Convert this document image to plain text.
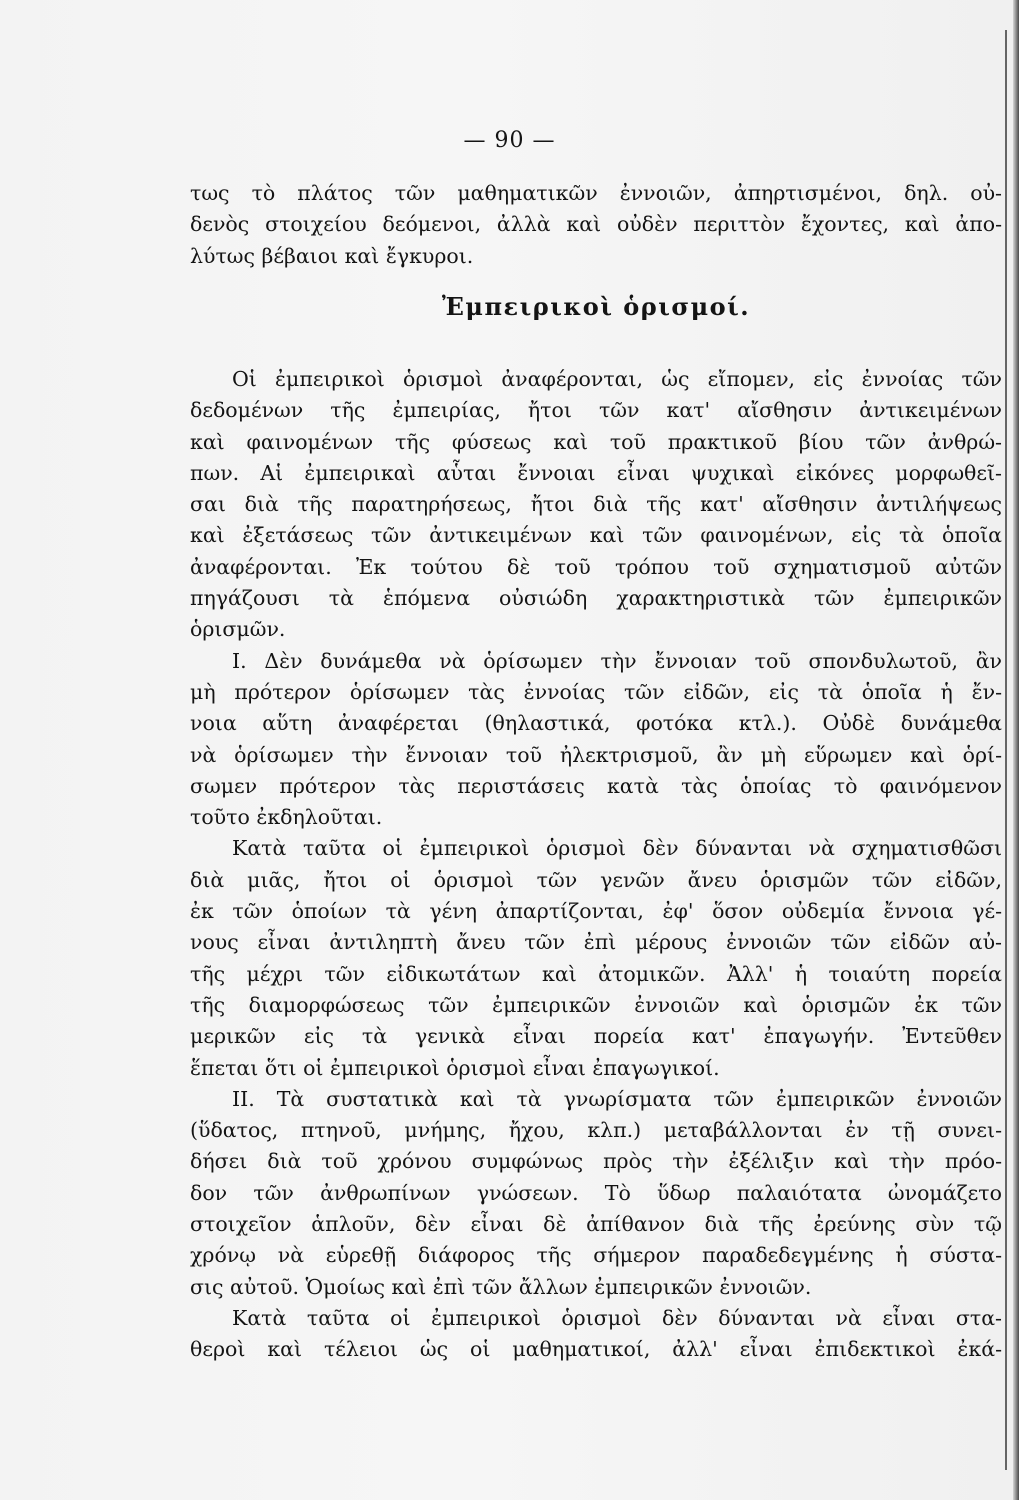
— 90 —
τως τὸ πλάτος τῶν μαθηματικῶν ἐννοιῶν, ἀπηρτισμένοι, δηλ. οὐ-
δενὸς στοιχείου δεόμενοι, ἀλλὰ καὶ οὐδὲν περιττὸν ἔχοντες, καὶ ἀπο-
λύτως βέβαιοι καὶ ἔγκυροι.
Ἐμπειρικοὶ ὁρισμοί.
Οἱ ἐμπειρικοὶ ὁρισμοὶ ἀναφέρονται, ὡς εἴπομεν, εἰς ἐννοίας τῶν
δεδομένων τῆς ἐμπειρίας, ἤτοι τῶν κατ' αἴσθησιν ἀντικειμένων
καὶ φαινομένων τῆς φύσεως καὶ τοῦ πρακτικοῦ βίου τῶν ἀνθρώ-
πων. Αἱ ἐμπειρικαὶ αὗται ἔννοιαι εἶναι ψυχικαὶ εἰκόνες μορφωθεῖ-
σαι διὰ τῆς παρατηρήσεως, ἤτοι διὰ τῆς κατ' αἴσθησιν ἀντιλήψεως
καὶ ἐξετάσεως τῶν ἀντικειμένων καὶ τῶν φαινομένων, εἰς τὰ ὁποῖα
ἀναφέρονται. Ἐκ τούτου δὲ τοῦ τρόπου τοῦ σχηματισμοῦ αὐτῶν
πηγάζουσι τὰ ἑπόμενα οὐσιώδη χαρακτηριστικὰ τῶν ἐμπειρικῶν
ὁρισμῶν.
I. Δὲν δυνάμεθα νὰ ὁρίσωμεν τὴν ἔννοιαν τοῦ σπονδυλωτοῦ, ἂν
μὴ πρότερον ὁρίσωμεν τὰς ἐννοίας τῶν εἰδῶν, εἰς τὰ ὁποῖα ἡ ἔν-
νοια αὕτη ἀναφέρεται (θηλαστικά, φοτόκα κτλ.). Οὐδὲ δυνάμεθα
νὰ ὁρίσωμεν τὴν ἔννοιαν τοῦ ἠλεκτρισμοῦ, ἂν μὴ εὕρωμεν καὶ ὁρί-
σωμεν πρότερον τὰς περιστάσεις κατὰ τὰς ὁποίας τὸ φαινόμενον
τοῦτο ἐκδηλοῦται.
Κατὰ ταῦτα οἱ ἐμπειρικοὶ ὁρισμοὶ δὲν δύνανται νὰ σχηματισθῶσι
διὰ μιᾶς, ἤτοι οἱ ὁρισμοὶ τῶν γενῶν ἄνευ ὁρισμῶν τῶν εἰδῶν,
ἐκ τῶν ὁποίων τὰ γένη ἀπαρτίζονται, ἐφ' ὅσον οὐδεμία ἔννοια γέ-
νους εἶναι ἀντιληπτὴ ἄνευ τῶν ἐπὶ μέρους ἐννοιῶν τῶν εἰδῶν αὐ-
τῆς μέχρι τῶν εἰδικωτάτων καὶ ἀτομικῶν. Ἀλλ' ἡ τοιαύτη πορεία
τῆς διαμορφώσεως τῶν ἐμπειρικῶν ἐννοιῶν καὶ ὁρισμῶν ἐκ τῶν
μερικῶν εἰς τὰ γενικὰ εἶναι πορεία κατ' ἐπαγωγήν. Ἐντεῦθεν
ἕπεται ὅτι οἱ ἐμπειρικοὶ ὁρισμοὶ εἶναι ἐπαγωγικοί.
II. Τὰ συστατικὰ καὶ τὰ γνωρίσματα τῶν ἐμπειρικῶν ἐννοιῶν
(ὕδατος, πτηνοῦ, μνήμης, ἤχου, κλπ.) μεταβάλλονται ἐν τῇ συνει-
δήσει διὰ τοῦ χρόνου συμφώνως πρὸς τὴν ἐξέλιξιν καὶ τὴν πρόο-
δον τῶν ἀνθρωπίνων γνώσεων. Τὸ ὕδωρ παλαιότατα ὠνομάζετο
στοιχεῖον ἁπλοῦν, δὲν εἶναι δὲ ἀπίθανον διὰ τῆς ἐρεύνης σὺν τῷ
χρόνῳ νὰ εὑρεθῇ διάφορος τῆς σήμερον παραδεδεγμένης ἡ σύστα-
σις αὐτοῦ. Ὁμοίως καὶ ἐπὶ τῶν ἄλλων ἐμπειρικῶν ἐννοιῶν.
Κατὰ ταῦτα οἱ ἐμπειρικοὶ ὁρισμοὶ δὲν δύνανται νὰ εἶναι στα-
θεροὶ καὶ τέλειοι ὡς οἱ μαθηματικοί, ἀλλ' εἶναι ἐπιδεκτικοὶ ἐκά-
